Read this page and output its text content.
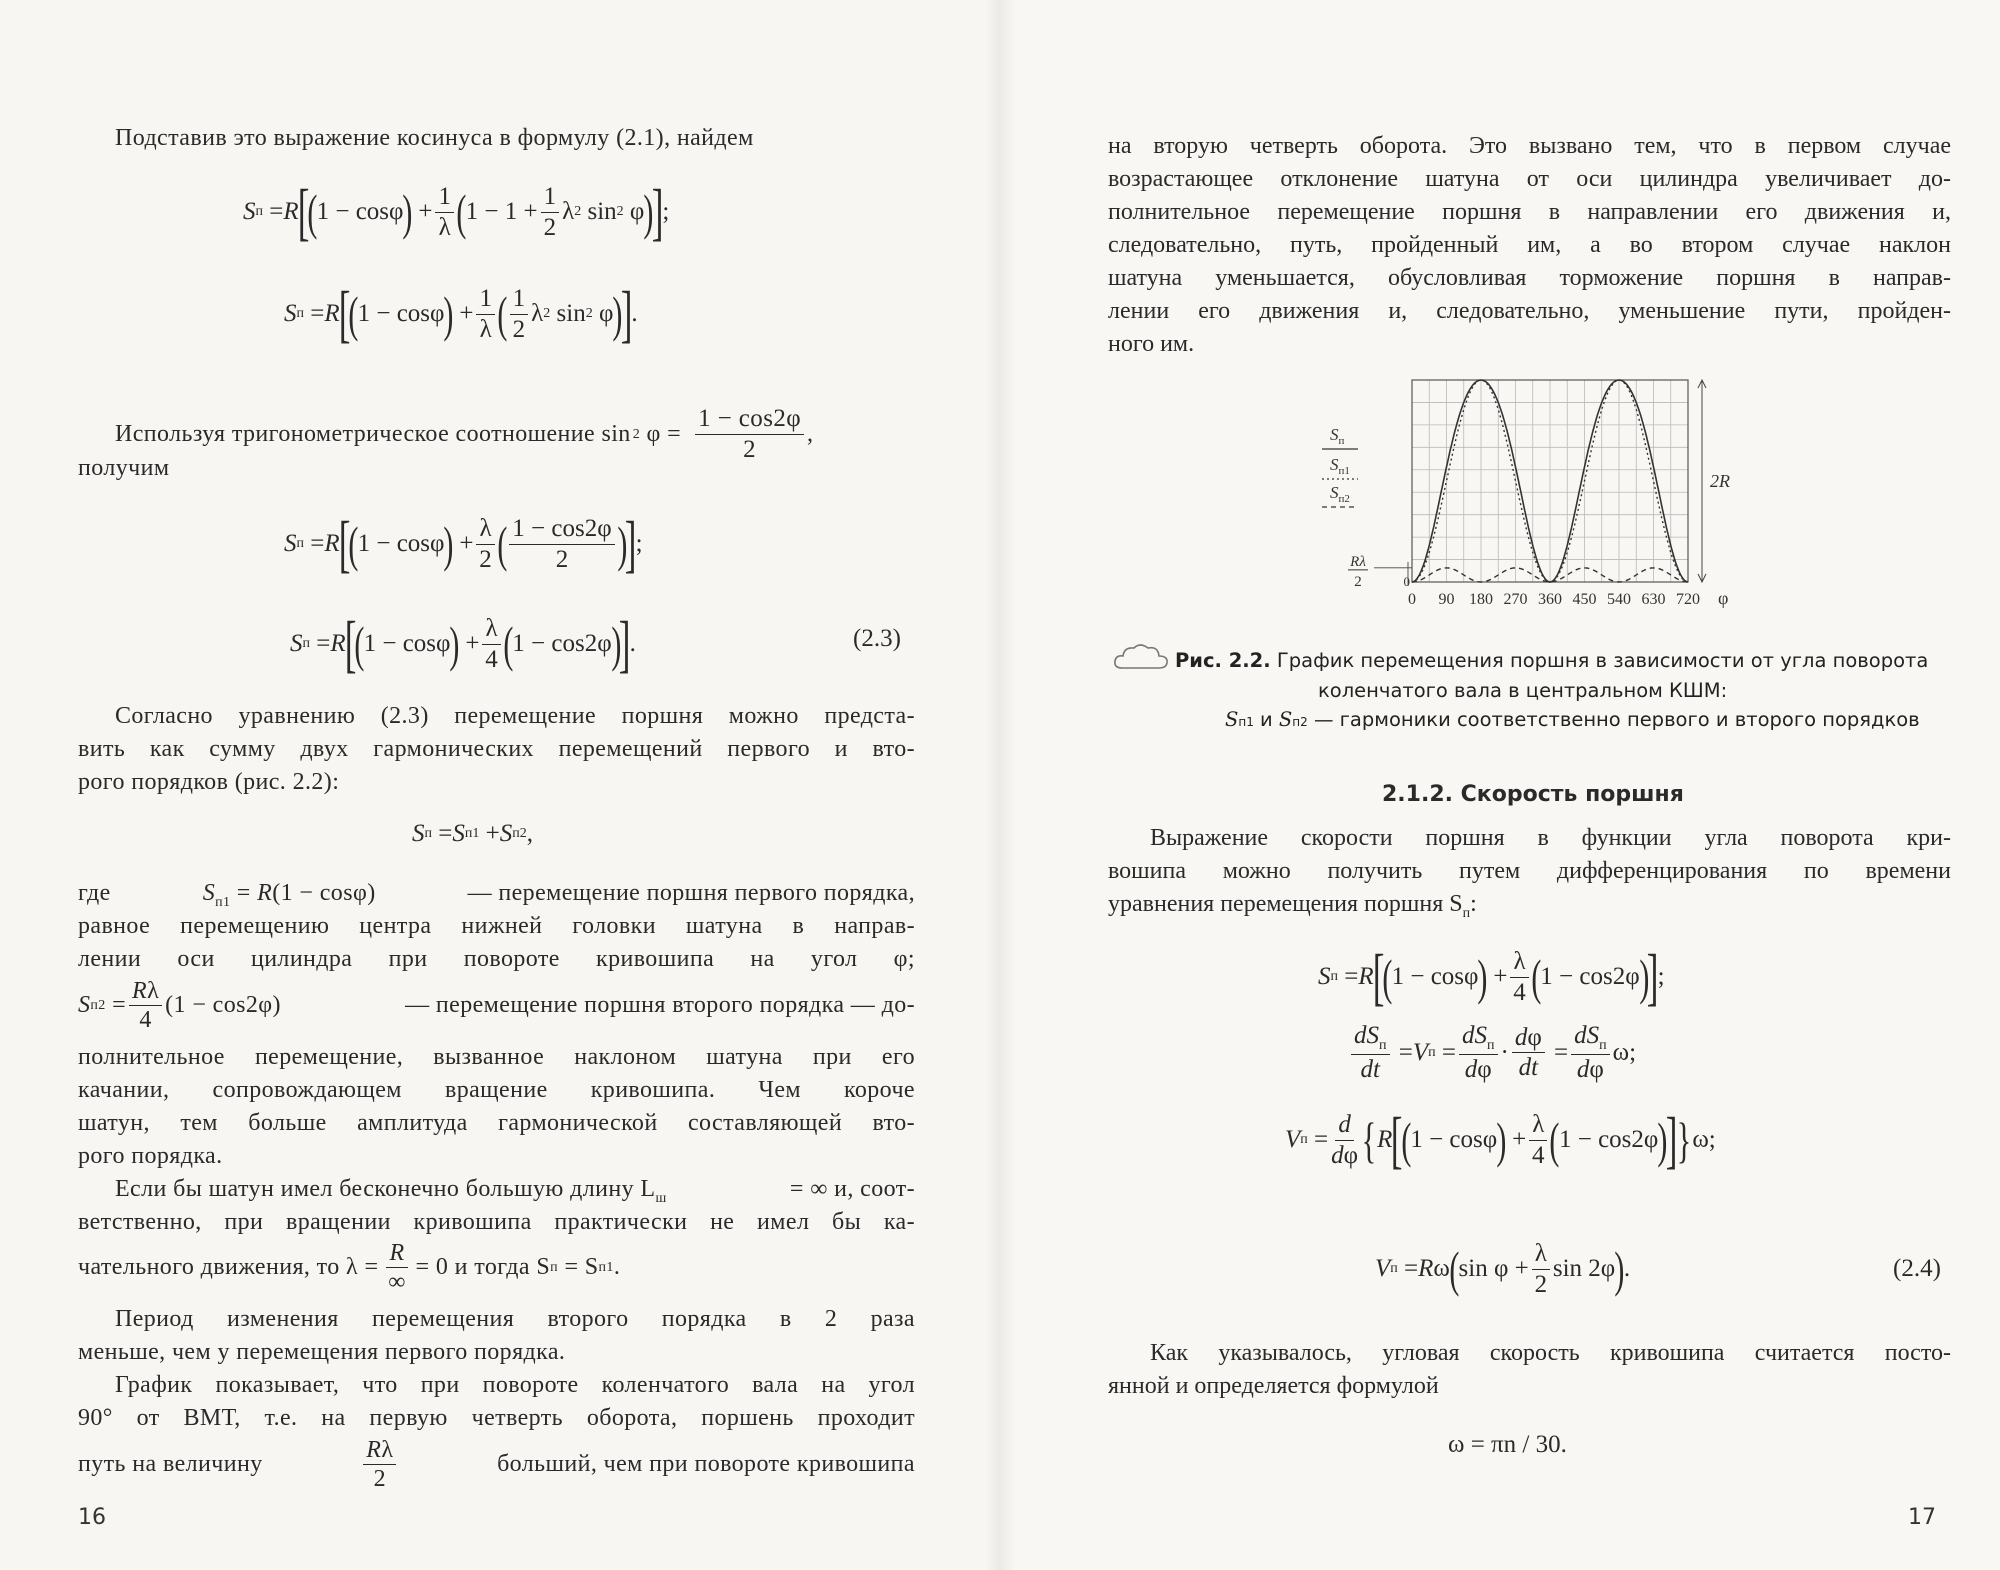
Подставив это выражение косинуса в формулу (2.1), найдем
S п = R
[
( 1 − cosφ ) + $\frac{1}{\lambda}$ ( $1 - 1 + \frac{1}{2}$ λ 2 sin 2 φ )
]
;
S п = R
[
( 1 − cosφ ) + $\frac{1}{\lambda}$ ( $\frac{1}{2}$ λ 2 sin 2 φ )
]
.
Используя тригонометрическое соотношение sin 2
$\varphi = \frac{1 - \cos 2\varphi}{2}$ ,
получим
S п = R
[
( 1 − cosφ ) + $\frac{\lambda}{2}$ ( $\frac{1 - \cos 2\varphi}{2}$ )
]
;
S п = R
[
( 1 − cosφ ) + $\frac{\lambda}{4}$ ( 1 − cos2φ )
]
.	(2.3)
Согласно уравнению (2.3) перемещение поршня можно предста-
вить как сумму двух гармонических перемещений первого и вто-
рого порядков (рис. 2.2):
S п = S п1 + S п2 ,
где	$S_{п1} = R(1 - \cos\varphi)$	— перемещение поршня первого порядка,
равное перемещению центра нижней головки шатуна в направ-
лении оси цилиндра при повороте кривошипа на угол φ;
S $п2 = \frac{R\lambda}{4} (1 - \cos 2\varphi)$	— перемещение поршня второго порядка — до-
полнительное перемещение, вызванное наклоном шатуна при его
качании, сопровождающем вращение кривошипа. Чем короче
шатун, тем больше амплитуда гармонической составляющей вто-
рого порядка.
Если бы шатун имел бесконечно большую длину $L_ш$	= ∞ и, соот-
ветственно, при вращении кривошипа практически не имел бы ка-
чательного движения, то $\lambda = \frac{R}{\infty} = 0$ и тогда S п
= S п1 .
Период изменения перемещения второго порядка в 2 раза
меньше, чем у перемещения первого порядка.
График показывает, что при повороте коленчатого вала на угол
90° от ВМТ, т.е. на первую четверть оборота, поршень проходит
путь на величину	$\frac{R\lambda}{2}$	больший, чем при повороте кривошипа
16
на вторую четверть оборота. Это вызвано тем, что в первом случае
возрастающее отклонение шатуна от оси цилиндра увеличивает до-
полнительное перемещение поршня в направлении его движения и,
следовательно, путь, пройденный им, а во втором случае наклон
шатуна уменьшается, обусловливая торможение поршня в направ-
лении его движения и, следовательно, уменьшение пути, пройден-
ного им.
0 90 180 270 360 450 540 630 720 φ
2R
$S_п$
$S_{п1}$
$S_{п2}$
Rλ
2	0
Рис. 2.2. График перемещения поршня в зависимости от угла поворота
коленчатого вала в центральном КШМ:
Sп1 и Sп2 — гармоники соответственно первого и второго порядков
2.1.2. Скорость поршня
Выражение скорости поршня в функции угла поворота кри-
вошипа можно получить путем дифференцирования по времени
уравнения перемещения поршня $S_п$:
S п = R
[
( 1 − cosφ ) + $\frac{\lambda}{4}$ ( 1 − cos2φ )
]
;
$\frac{dS_п}{dt} = V$ $п = \frac{dS_п}{d\varphi} \cdot \frac{d\varphi}{dt} = \frac{dS_п}{d\varphi} \omega$;
V $п = \frac{d}{d\varphi}$ { R
[
( 1 − cosφ ) + $\frac{\lambda}{4}$ ( 1 − cos2φ )
] } ω;
V п = R ω ( $\sin \varphi + \frac{\lambda}{2}$ sin 2φ ) .	(2.4)
Как указывалось, угловая скорость кривошипа считается посто-
янной и определяется формулой
ω = πn / 30.
17
